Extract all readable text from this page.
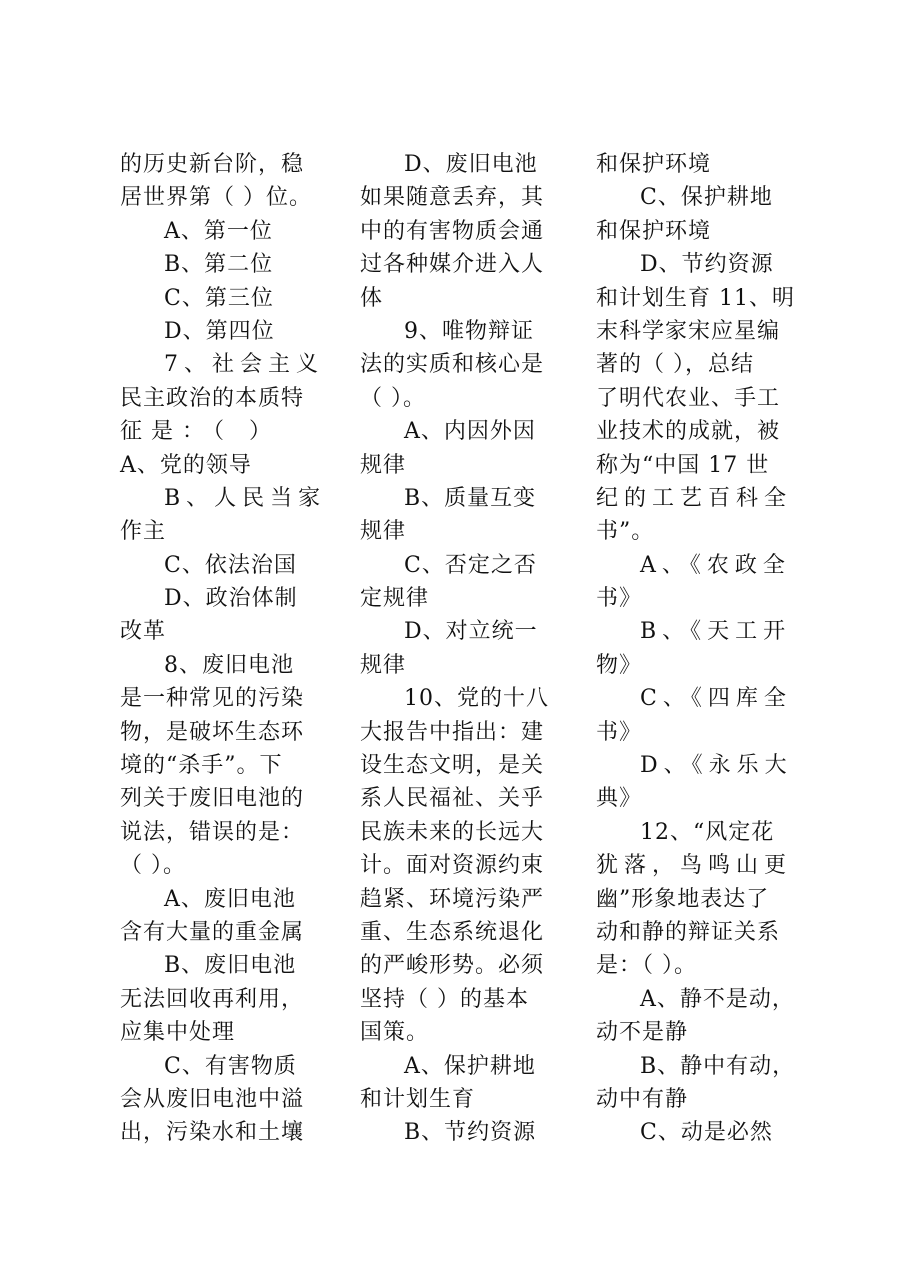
的历史新台阶，稳
居世界第（ ）位。
A、第一位
B、第二位
C、第三位
D、第四位
7、社会主义
民主政治的本质特
征是：（ ）
A、党的领导
B、人民当家
作主
C、依法治国
D、政治体制
改革
8、废旧电池
是一种常见的污染
物，是破坏生态环
境的“杀手”。下
列关于废旧电池的
说法，错误的是：
（ ）。
A、废旧电池
含有大量的重金属
B、废旧电池
无法回收再利用，
应集中处理
C、有害物质
会从废旧电池中溢
出，污染水和土壤
D、废旧电池
如果随意丢弃，其
中的有害物质会通
过各种媒介进入人
体
9、唯物辩证
法的实质和核心是
（ ）。
A、内因外因
规律
B、质量互变
规律
C、否定之否
定规律
D、对立统一
规律
10、党的十八
大报告中指出：建
设生态文明，是关
系人民福祉、关乎
民族未来的长远大
计。面对资源约束
趋紧、环境污染严
重、生态系统退化
的严峻形势。必须
坚持（ ）的基本
国策。
A、保护耕地
和计划生育
B、节约资源
和保护环境
C、保护耕地
和保护环境
D、节约资源
和计划生育 11、明
末科学家宋应星编
著的（ ），总结
了明代农业、手工
业技术的成就，被
称为“中国 17 世
纪的工艺百科全
书”。
A、《农政全
书》
B、《天工开
物》
C、《四库全
书》
D、《永乐大
典》
12、“风定花
犹落，鸟鸣山更
幽”形象地表达了
动和静的辩证关系
是：（ ）。
A、静不是动，
动不是静
B、静中有动，
动中有静
C、动是必然
